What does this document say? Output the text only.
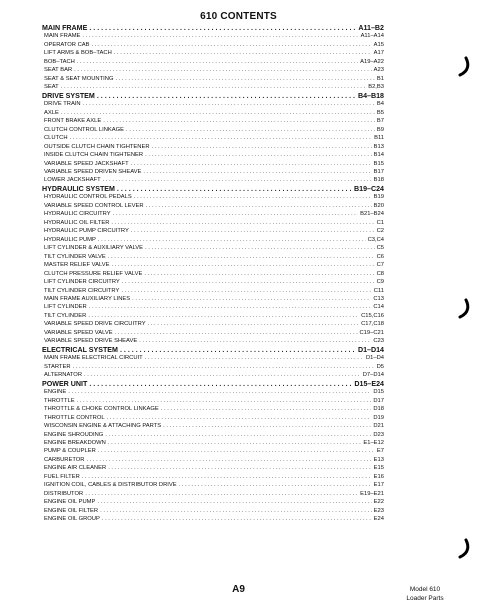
610 CONTENTS
MAIN FRAME . . .	A11–B2
MAIN FRAME . . .	A11–A14
OPERATOR CAB . . .	A15
LIFT ARMS & BOB–TACH . . .	A17
BOB–TACH . . .	A19–A22
SEAT BAR . . .	A23
SEAT & SEAT MOUNTING . . .	B1
SEAT . . .	B2,B3
DRIVE SYSTEM . . .	B4–B18
DRIVE TRAIN . . .	B4
AXLE . . .	B5
FRONT BRAKE AXLE . . .	B7
CLUTCH CONTROL LINKAGE . . .	B9
CLUTCH . . .	B11
OUTSIDE CLUTCH CHAIN TIGHTENER . . .	B13
INSIDE CLUTCH CHAIN TIGHTENER . . .	B14
VARIABLE SPEED JACKSHAFT . . .	B15
VARIABLE SPEED DRIVEN SHEAVE . . .	B17
LOWER JACKSHAFT . . .	B18
HYDRAULIC SYSTEM . . .	B19–C24
HYDRAULIC CONTROL PEDALS . . .	B19
VARIABLE SPEED CONTROL LEVER . . .	B20
HYDRAULIC CIRCUITRY . . .	B21–B24
HYDRAULIC OIL FILTER . . .	C1
HYDRAULIC PUMP CIRCUITRY . . .	C2
HYDRAULIC PUMP . . .	C3,C4
LIFT CYLINDER & AUXILIARY VALVE . . .	C5
TILT CYLINDER VALVE . . .	C6
MASTER RELIEF VALVE . . .	C7
CLUTCH PRESSURE RELIEF VALVE . . .	C8
LIFT CYLINDER CIRCUITRY . . .	C9
TILT CYLINDER CIRCUITRY . . .	C11
MAIN FRAME AUXILIARY LINES . . .	C13
LIFT CYLINDER . . .	C14
TILT CYLINDER . . .	C15,C16
VARIABLE SPEED DRIVE CIRCUITRY . . .	C17,C18
VARIABLE SPEED VALVE . . .	C19–C21
VARIABLE SPEED DRIVE SHEAVE . . .	C23
ELECTRICAL SYSTEM . . .	D1–D14
MAIN FRAME ELECTRICAL CIRCUIT . . .	D1–D4
STARTER . . .	D5
ALTERNATOR . . .	D7–D14
POWER UNIT . . .	D15–E24
ENGINE . . .	D15
THROTTLE . . .	D17
THROTTLE & CHOKE CONTROL LINKAGE . . .	D18
THROTTLE CONTROL . . .	D19
WISCONSIN ENGINE & ATTACHING PARTS . . .	D21
ENGINE SHROUDING . . .	D23
ENGINE BREAKDOWN . . .	E1–E12
PUMP & COUPLER . . .	E7
CARBURETOR . . .	E13
ENGINE AIR CLEANER . . .	E15
FUEL FILTER . . .	E16
IGNITION COIL, CABLES & DISTRIBUTOR DRIVE . . .	E17
DISTRIBUTOR . . .	E19–E21
ENGINE OIL PUMP . . .	E22
ENGINE OIL FILTER . . .	E23
ENGINE OIL GROUP . . .	E24
A9	Model 610
Loader Parts
